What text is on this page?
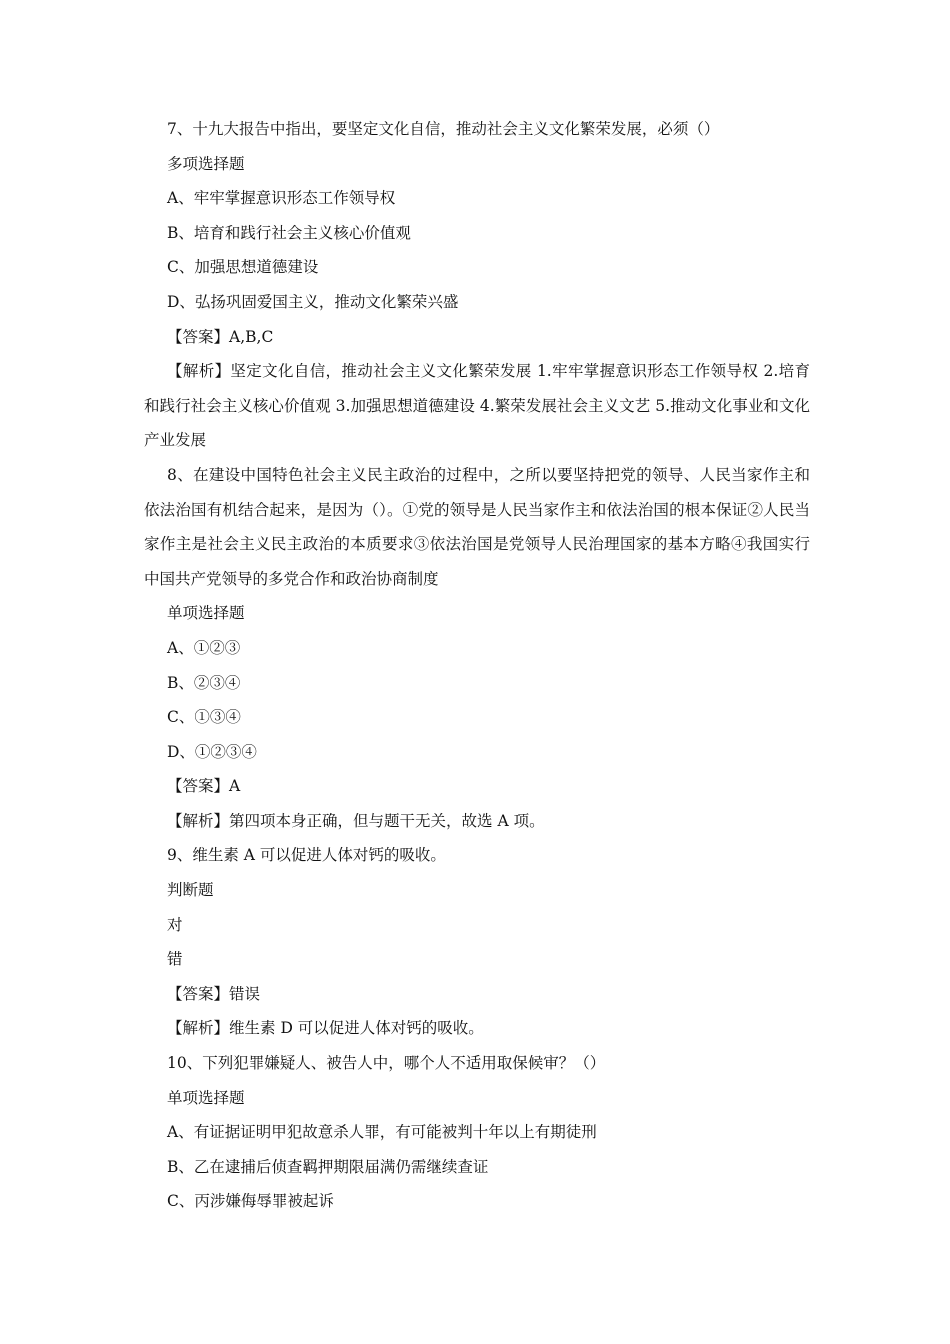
7、十九大报告中指出，要坚定文化自信，推动社会主义文化繁荣发展，必须（）
多项选择题
A、牢牢掌握意识形态工作领导权
B、培育和践行社会主义核心价值观
C、加强思想道德建设
D、弘扬巩固爱国主义，推动文化繁荣兴盛
【答案】A,B,C

【解析】坚定文化自信，推动社会主义文化繁荣发展 1.牢牢掌握意识形态工作领导权 2.培育和践行社会主义核心价值观 3.加强思想道德建设 4.繁荣发展社会主义文艺 5.推动文化事业和文化产业发展

8、在建设中国特色社会主义民主政治的过程中，之所以要坚持把党的领导、人民当家作主和依法治国有机结合起来，是因为（）。①党的领导是人民当家作主和依法治国的根本保证②人民当家作主是社会主义民主政治的本质要求③依法治国是党领导人民治理国家的基本方略④我国实行中国共产党领导的多党合作和政治协商制度

单项选择题
A、①②③
B、②③④
C、①③④
D、①②③④
【答案】A
【解析】第四项本身正确，但与题干无关，故选 A 项。
9、维生素 A 可以促进人体对钙的吸收。
判断题
对
错
【答案】错误
【解析】维生素 D 可以促进人体对钙的吸收。
10、下列犯罪嫌疑人、被告人中，哪个人不适用取保候审？（）
单项选择题
A、有证据证明甲犯故意杀人罪，有可能被判十年以上有期徒刑
B、乙在逮捕后侦查羁押期限届满仍需继续查证
C、丙涉嫌侮辱罪被起诉
